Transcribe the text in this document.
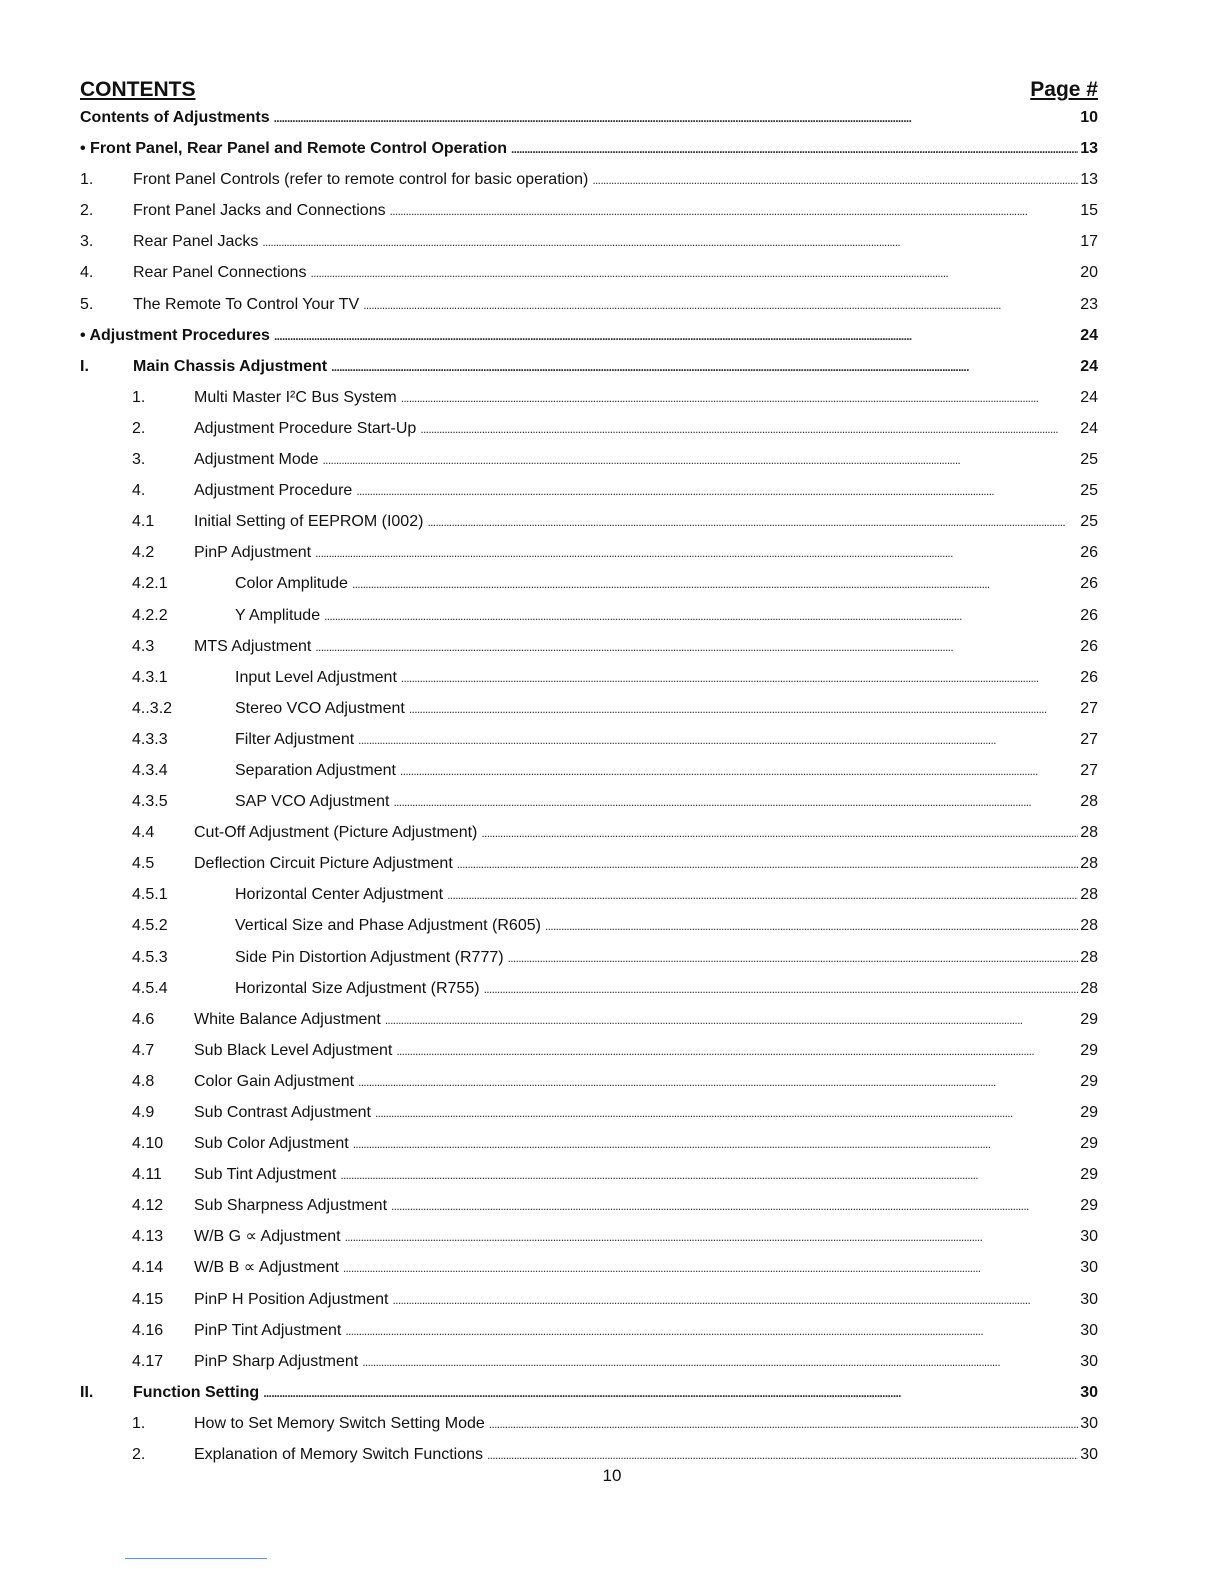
CONTENTS	Page #
Contents of Adjustments . . .	10
• Front Panel, Rear Panel and Remote Control Operation . . .	13
1.	Front Panel Controls (refer to remote control for basic operation) . . .	13
2.	Front Panel Jacks and Connections . . .	15
3.	Rear Panel Jacks . . .	17
4.	Rear Panel Connections . . .	20
5.	The Remote To Control Your TV . . .	23
• Adjustment Procedures . . .	24
I.	Main Chassis Adjustment . . .	24
1.	Multi Master I²C Bus System . . .	24
2.	Adjustment Procedure Start-Up . . .	24
3.	Adjustment Mode . . .	25
4.	Adjustment Procedure . . .	25
4.1	Initial Setting of EEPROM (I002) . . .	25
4.2	PinP Adjustment . . .	26
4.2.1	Color Amplitude . . .	26
4.2.2	Y Amplitude . . .	26
4.3	MTS Adjustment . . .	26
4.3.1	Input Level Adjustment . . .	26
4..3.2	Stereo VCO Adjustment . . .	27
4.3.3	Filter Adjustment . . .	27
4.3.4	Separation Adjustment . . .	27
4.3.5	SAP VCO Adjustment . . .	28
4.4	Cut-Off Adjustment (Picture Adjustment) . . .	28
4.5	Deflection Circuit Picture Adjustment . . .	28
4.5.1	Horizontal Center Adjustment . . .	28
4.5.2	Vertical Size and Phase Adjustment (R605) . . .	28
4.5.3	Side Pin Distortion Adjustment (R777) . . .	28
4.5.4	Horizontal Size Adjustment (R755) . . .	28
4.6	White Balance Adjustment . . .	29
4.7	Sub Black Level Adjustment . . .	29
4.8	Color Gain Adjustment . . .	29
4.9	Sub Contrast Adjustment . . .	29
4.10	Sub Color Adjustment . . .	29
4.11	Sub Tint Adjustment . . .	29
4.12	Sub Sharpness Adjustment . . .	29
4.13	W/B G ∝ Adjustment . . .	30
4.14	W/B B ∝ Adjustment . . .	30
4.15	PinP H Position Adjustment . . .	30
4.16	PinP Tint Adjustment . . .	30
4.17	PinP Sharp Adjustment . . .	30
II.	Function Setting . . .	30
1.	How to Set Memory Switch Setting Mode . . .	30
2.	Explanation of Memory Switch Functions . . .	30
10
